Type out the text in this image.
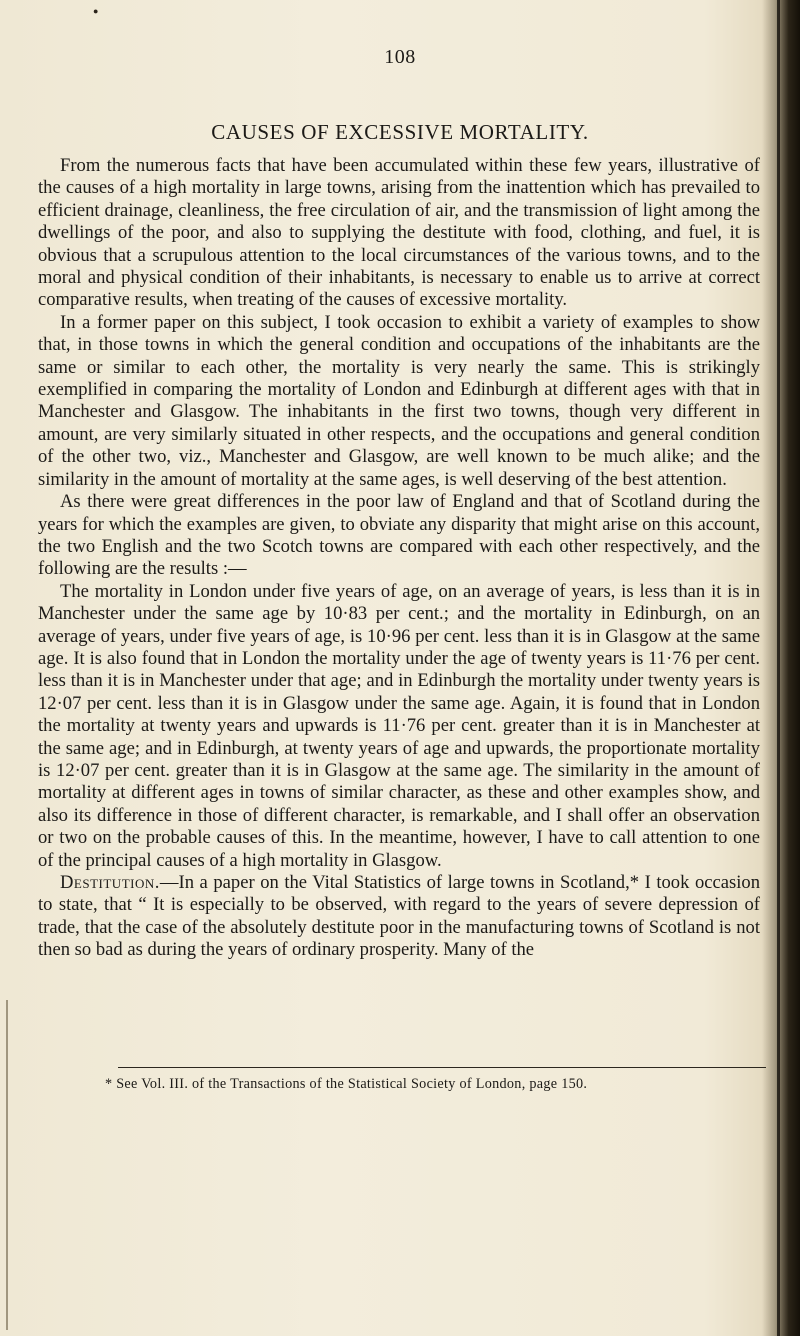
●
108
CAUSES OF EXCESSIVE MORTALITY.

From the numerous facts that have been accumulated within these few years, illustrative of the causes of a high mortality in large towns, arising from the inattention which has prevailed to efficient drainage, cleanliness, the free circulation of air, and the transmission of light among the dwellings of the poor, and also to supplying the destitute with food, clothing, and fuel, it is obvious that a scrupulous attention to the local circumstances of the various towns, and to the moral and physical condition of their inhabitants, is necessary to enable us to arrive at correct comparative results, when treating of the causes of excessive mortality.

In a former paper on this subject, I took occasion to exhibit a variety of examples to show that, in those towns in which the general condition and occupations of the inhabitants are the same or similar to each other, the mortality is very nearly the same. This is strikingly exemplified in comparing the mortality of London and Edinburgh at different ages with that in Manchester and Glasgow. The inhabitants in the first two towns, though very different in amount, are very similarly situated in other respects, and the occupations and general condition of the other two, viz., Manchester and Glasgow, are well known to be much alike; and the similarity in the amount of mortality at the same ages, is well deserving of the best attention.

As there were great differences in the poor law of England and that of Scotland during the years for which the examples are given, to obviate any disparity that might arise on this account, the two English and the two Scotch towns are compared with each other respectively, and the following are the results :—

The mortality in London under five years of age, on an average of years, is less than it is in Manchester under the same age by 10·83 per cent.; and the mortality in Edinburgh, on an average of years, under five years of age, is 10·96 per cent. less than it is in Glasgow at the same age. It is also found that in London the mortality under the age of twenty years is 11·76 per cent. less than it is in Manchester under that age; and in Edinburgh the mortality under twenty years is 12·07 per cent. less than it is in Glasgow under the same age. Again, it is found that in London the mortality at twenty years and upwards is 11·76 per cent. greater than it is in Manchester at the same age; and in Edinburgh, at twenty years of age and upwards, the proportionate mortality is 12·07 per cent. greater than it is in Glasgow at the same age. The similarity in the amount of mortality at different ages in towns of similar character, as these and other examples show, and also its difference in those of different character, is remarkable, and I shall offer an observation or two on the probable causes of this. In the meantime, however, I have to call attention to one of the principal causes of a high mortality in Glasgow.

Destitution.—In a paper on the Vital Statistics of large towns in Scotland,* I took occasion to state, that “ It is especially to be observed, with regard to the years of severe depression of trade, that the case of the absolutely destitute poor in the manufacturing towns of Scotland is not then so bad as during the years of ordinary prosperity. Many of the

* See Vol. III. of the Transactions of the Statistical Society of London, page 150.
